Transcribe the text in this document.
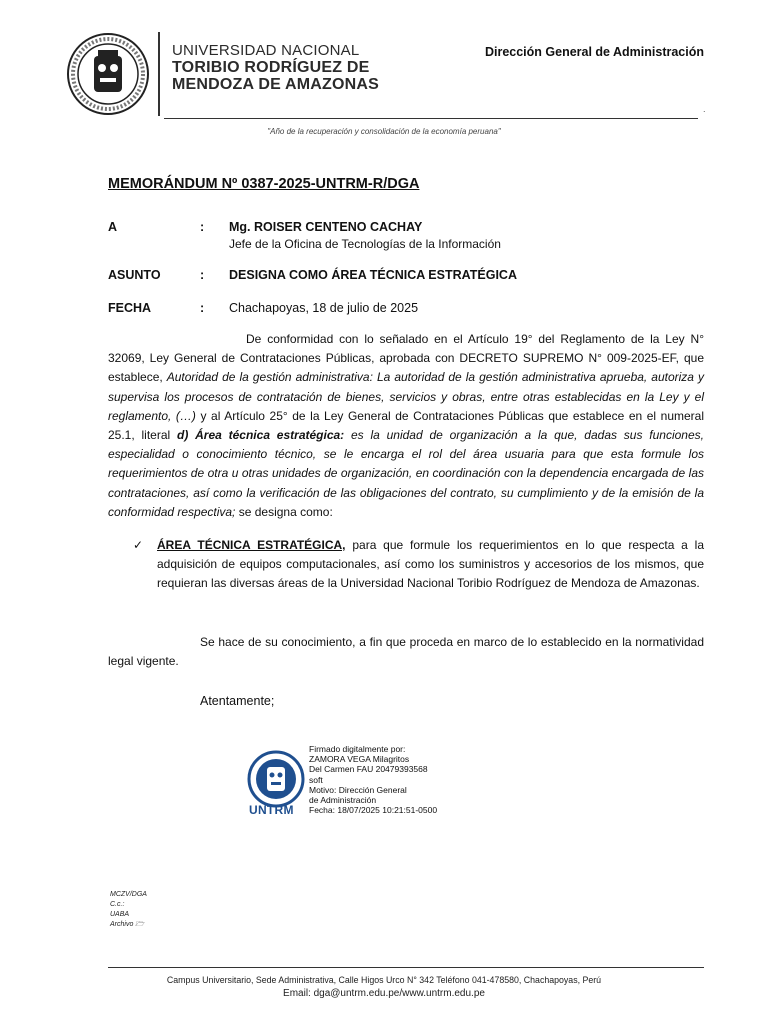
UNIVERSIDAD NACIONAL
TORIBIO RODRÍGUEZ DE
MENDOZA DE AMAZONAS
Dirección General de Administración
.
"Año de la recuperación y consolidación de la economía peruana"
MEMORÁNDUM Nº 0387-2025-UNTRM-R/DGA
A	: Mg. ROISER CENTENO CACHAY
Jefe de la Oficina de Tecnologías de la Información
ASUNTO	: DESIGNA COMO ÁREA TÉCNICA ESTRATÉGICA
FECHA	: Chachapoyas, 18 de julio de 2025
De conformidad con lo señalado en el Artículo 19° del Reglamento de la Ley N° 32069, Ley General de Contrataciones Públicas, aprobada con DECRETO SUPREMO N° 009-2025-EF, que establece, Autoridad de la gestión administrativa: La autoridad de la gestión administrativa aprueba, autoriza y supervisa los procesos de contratación de bienes, servicios y obras, entre otras establecidas en la Ley y el reglamento, (…) y al Artículo 25° de la Ley General de Contrataciones Públicas que establece en el numeral 25.1, literal d) Área técnica estratégica: es la unidad de organización a la que, dadas sus funciones, especialidad o conocimiento técnico, se le encarga el rol del área usuaria para que esta formule los requerimientos de otra u otras unidades de organización, en coordinación con la dependencia encargada de las contrataciones, así como la verificación de las obligaciones del contrato, su cumplimiento y de la emisión de la conformidad respectiva; se designa como:
✓ ÁREA TÉCNICA ESTRATÉGICA, para que formule los requerimientos en lo que respecta a la adquisición de equipos computacionales, así como los suministros y accesorios de los mismos, que requieran las diversas áreas de la Universidad Nacional Toribio Rodríguez de Mendoza de Amazonas.
Se hace de su conocimiento, a fin que proceda en marco de lo establecido en la normatividad legal vigente.
Atentamente;
UNTRM
Firmado digitalmente por:
ZAMORA VEGA Milagritos
Del Carmen FAU 20479393568
soft
Motivo: Dirección General
de Administración
Fecha: 18/07/2025 10:21:51-0500
MCZV/DGA
C.c.:
UABA
Archivo 🗁
Campus Universitario, Sede Administrativa, Calle Higos Urco N° 342 Teléfono 041-478580, Chachapoyas, Perú
Email: dga@untrm.edu.pe/www.untrm.edu.pe
